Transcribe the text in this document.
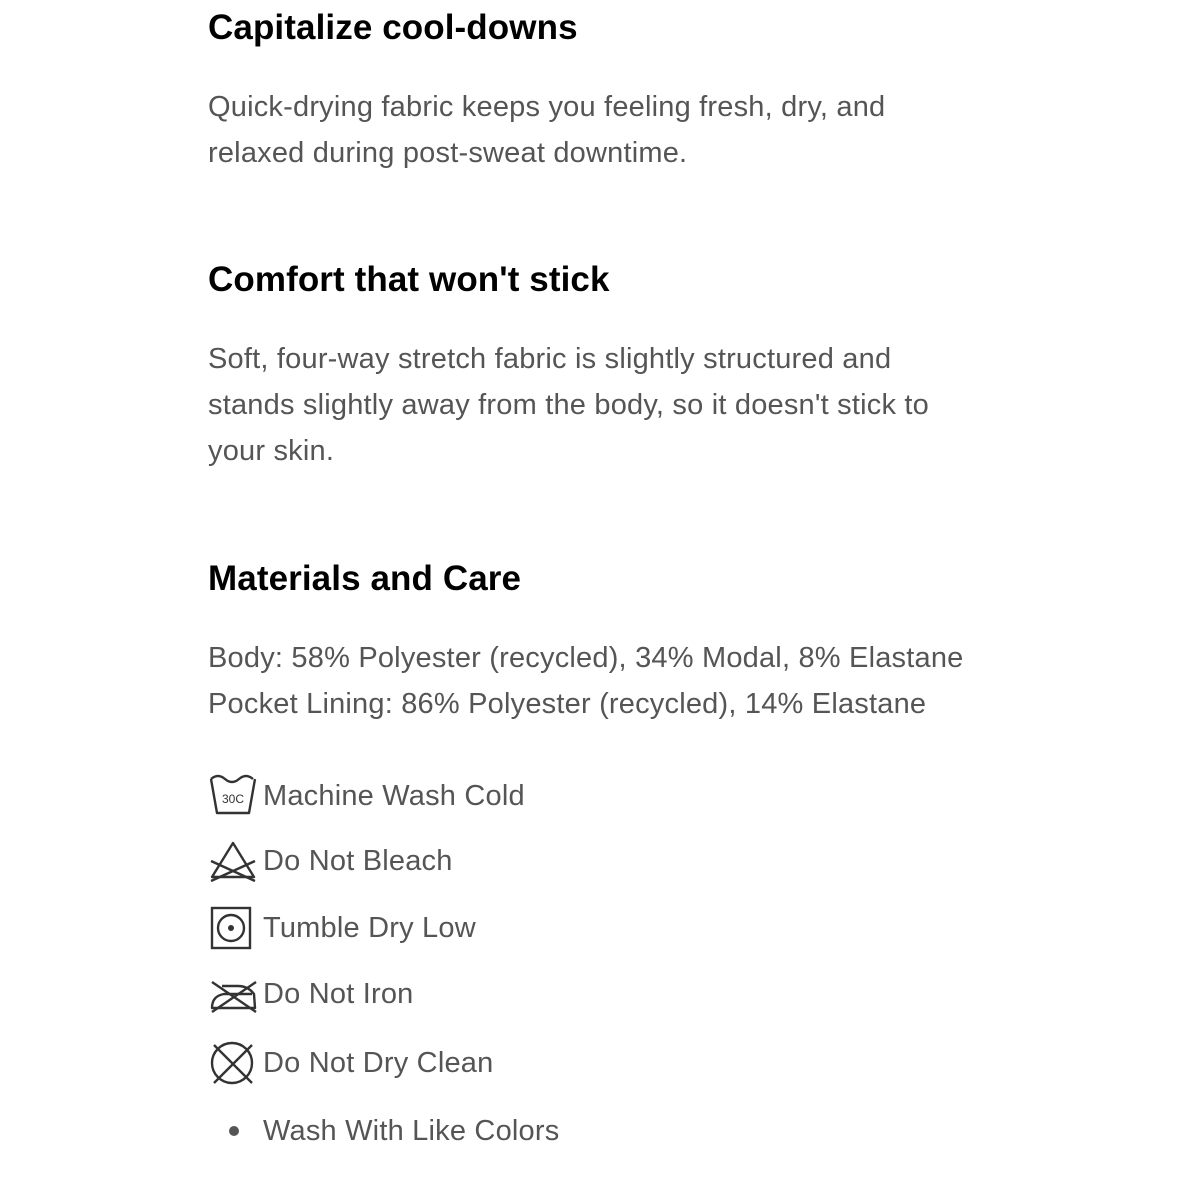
Capitalize cool-downs

Quick-drying fabric keeps you feeling fresh, dry, and
relaxed during post-sweat downtime.

Comfort that won't stick

Soft, four-way stretch fabric is slightly structured and
stands slightly away from the body, so it doesn't stick to
your skin.

Materials and Care

Body: 58% Polyester (recycled), 34% Modal, 8% Elastane
Pocket Lining: 86% Polyester (recycled), 14% Elastane

30C Machine Wash Cold
Do Not Bleach
Tumble Dry Low
Do Not Iron
Do Not Dry Clean
Wash With Like Colors
